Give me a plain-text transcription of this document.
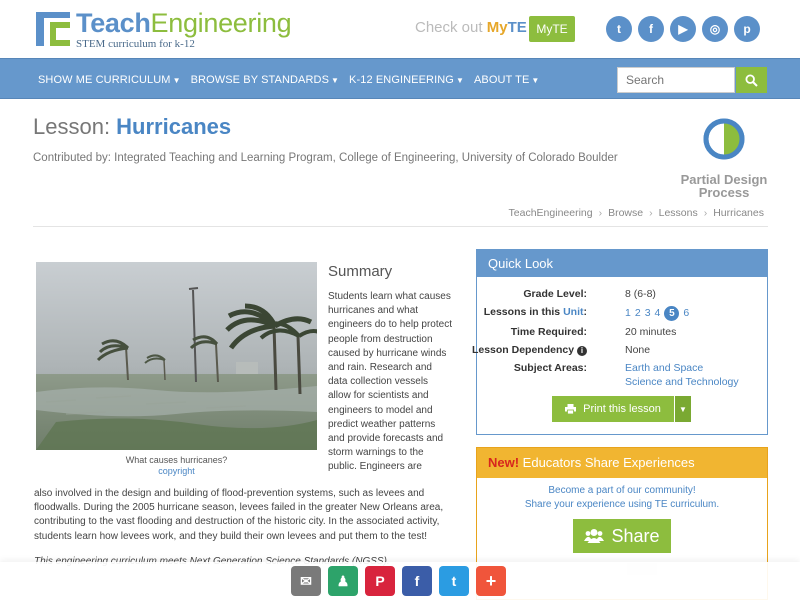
TeachEngineering
STEM curriculum for k-12
Check out MyTE MyTE	t	f	▶	◎	p
SHOW ME CURRICULUM ▼ BROWSE BY STANDARDS ▼ K-12 ENGINEERING ▼ ABOUT TE ▼
Search
Lesson: Hurricanes
Contributed by: Integrated Teaching and Learning Program, College of Engineering, University of Colorado Boulder
Partial Design
Process
TeachEngineering › Browse › Lessons › Hurricanes
What causes hurricanes?
copyright
Summary
Students learn what causes hurricanes and what engineers do to help protect people from destruction caused by hurricane winds and rain. Research and data collection vessels allow for scientists and engineers to model and predict weather patterns and provide forecasts and storm warnings to the public. Engineers are
also involved in the design and building of flood-prevention systems, such as levees and floodwalls. During the 2005 hurricane season, levees failed in the greater New Orleans area, contributing to the vast flooding and destruction of the historic city. In the associated activity, students learn how levees work, and they build their own levees and put them to the test!
Quick Look
Grade Level:	8 (6-8)
Lessons in this Unit:	1 2 3 4 5 6
Time Required:	20 minutes
Lesson Dependency i	None
Subject Areas:	Earth and Space
Science and Technology
Print this lesson ▼
New! Educators Share Experiences
Become a part of our community!
Share your experience using TE curriculum.
Share
✉	♟	P	f	t	+
